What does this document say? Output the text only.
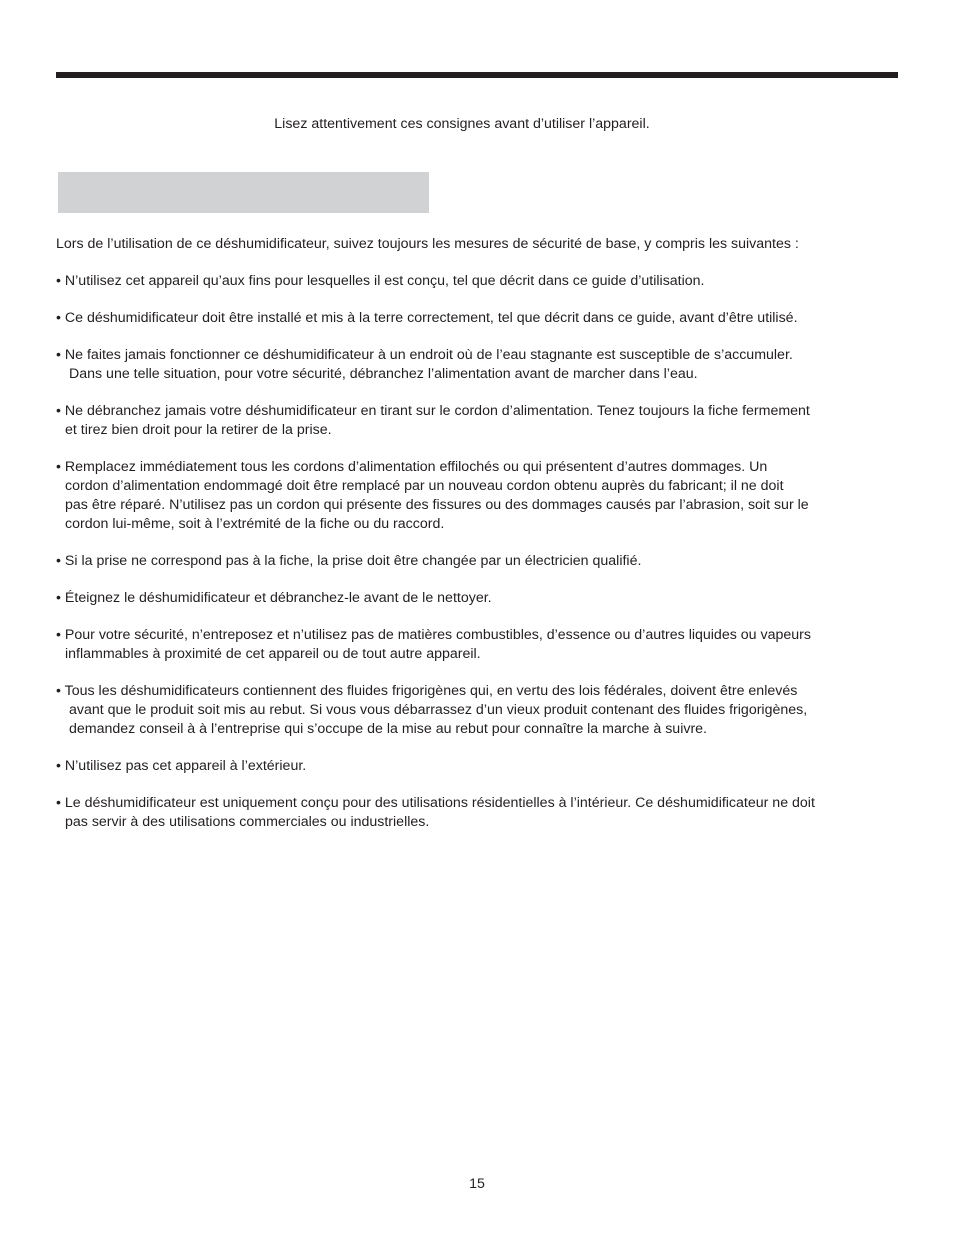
Lisez attentivement ces consignes avant d’utiliser l’appareil.

Lors de l’utilisation de ce déshumidificateur, suivez toujours les mesures de sécurité de base, y compris les suivantes :

• N’utilisez cet appareil qu’aux fins pour lesquelles il est conçu, tel que décrit dans ce guide d’utilisation.
• Ce déshumidificateur doit être installé et mis à la terre correctement, tel que décrit dans ce guide, avant d’être utilisé.
• Ne faites jamais fonctionner ce déshumidificateur à un endroit où de l’eau stagnante est susceptible de s’accumuler.
Dans une telle situation, pour votre sécurité, débranchez l’alimentation avant de marcher dans l’eau.
• Ne débranchez jamais votre déshumidificateur en tirant sur le cordon d’alimentation. Tenez toujours la fiche fermement
et tirez bien droit pour la retirer de la prise.
• Remplacez immédiatement tous les cordons d’alimentation effilochés ou qui présentent d’autres dommages. Un
cordon d’alimentation endommagé doit être remplacé par un nouveau cordon obtenu auprès du fabricant; il ne doit
pas être réparé. N’utilisez pas un cordon qui présente des fissures ou des dommages causés par l’abrasion, soit sur le
cordon lui-même, soit à l’extrémité de la fiche ou du raccord.
• Si la prise ne correspond pas à la fiche, la prise doit être changée par un électricien qualifié.
• Éteignez le déshumidificateur et débranchez-le avant de le nettoyer.
• Pour votre sécurité, n’entreposez et n’utilisez pas de matières combustibles, d’essence ou d’autres liquides ou vapeurs
inflammables à proximité de cet appareil ou de tout autre appareil.
• Tous les déshumidificateurs contiennent des fluides frigorigènes qui, en vertu des lois fédérales, doivent être enlevés
avant que le produit soit mis au rebut. Si vous vous débarrassez d’un vieux produit contenant des fluides frigorigènes,
demandez conseil à à l’entreprise qui s’occupe de la mise au rebut pour connaître la marche à suivre.
• N’utilisez pas cet appareil à l’extérieur.
• Le déshumidificateur est uniquement conçu pour des utilisations résidentielles à l’intérieur. Ce déshumidificateur ne doit
pas servir à des utilisations commerciales ou industrielles.
15
